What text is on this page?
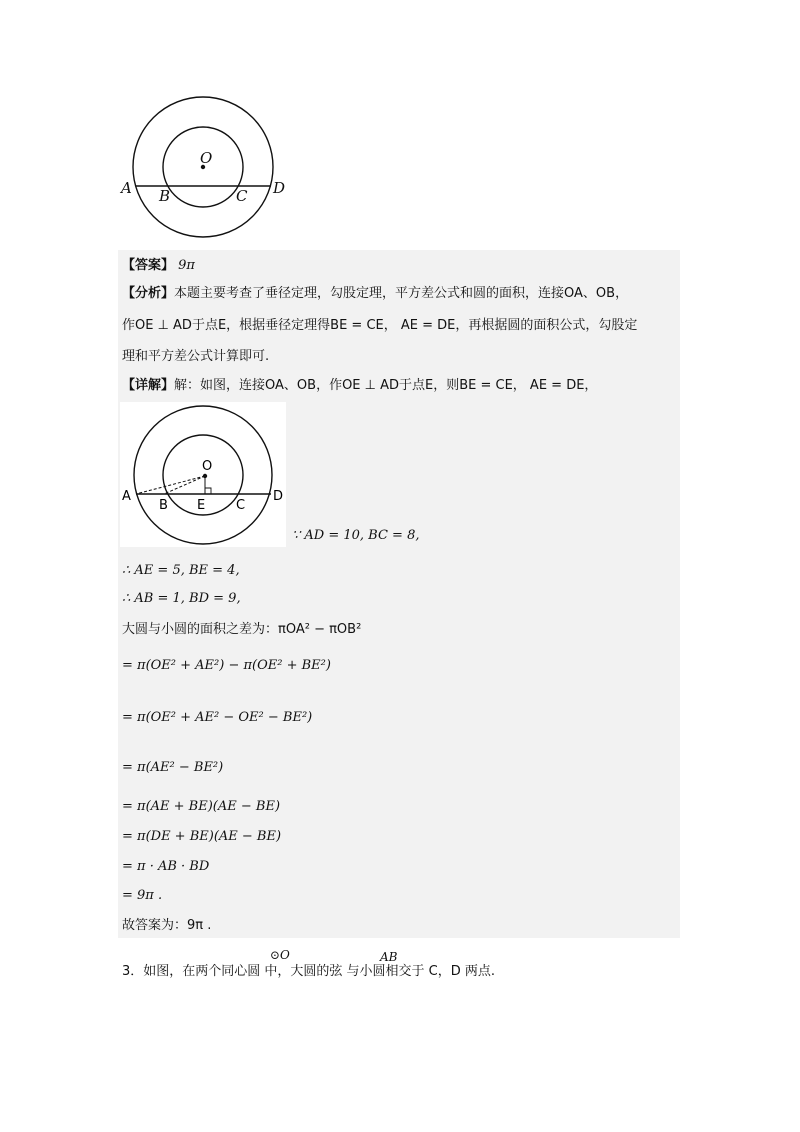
O
A B	C D
【答案】 9π
【分析】本题主要考查了垂径定理，勾股定理，平方差公式和圆的面积，连接OA、OB，
作OE ⊥ AD于点E，根据垂径定理得BE = CE， AE = DE，再根据圆的面积公式，勾股定
理和平方差公式计算即可.
【详解】解：如图，连接OA、OB，作OE ⊥ AD于点E，则BE = CE， AE = DE，
O
A
B E C
D
∵ AD = 10, BC = 8,
∴ AE = 5, BE = 4,
∴ AB = 1, BD = 9,
大圆与小圆的面积之差为：πOA² − πOB²
= π(OE² + AE²) − π(OE² + BE²)
= π(OE² + AE² − OE² − BE²)
= π(AE² − BE²)
= π(AE + BE)(AE − BE)
= π(DE + BE)(AE − BE)
= π · AB · BD
= 9π .
故答案为：9π .
3．如图，在两个同心圆 中，大圆的弦 与小圆相交于 C，D 两点.
⊙O	AB
